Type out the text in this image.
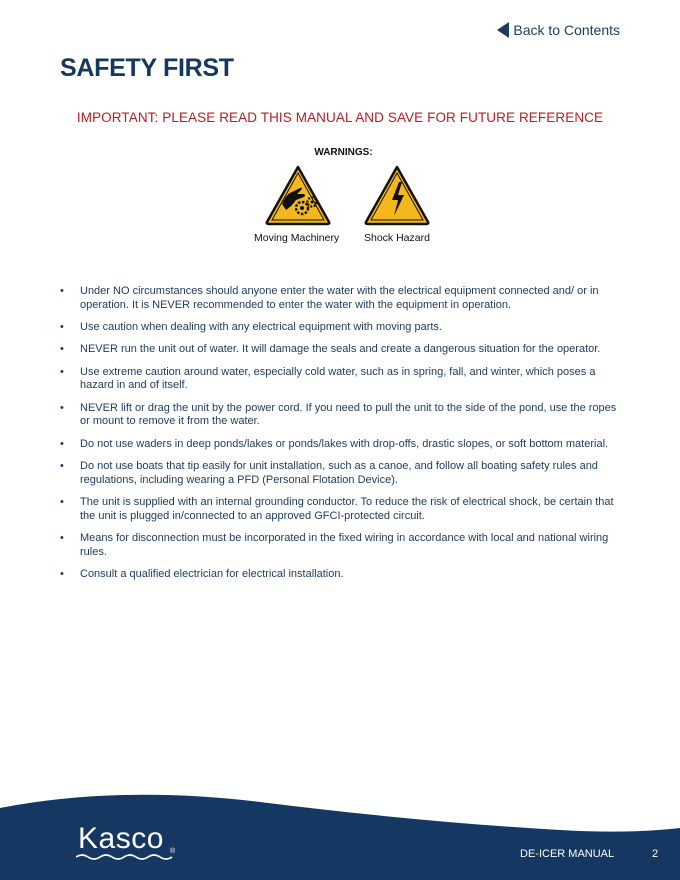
Back to Contents
SAFETY FIRST
IMPORTANT: PLEASE READ THIS MANUAL AND SAVE FOR FUTURE REFERENCE
WARNINGS:
Moving Machinery Shock Hazard
• Under NO circumstances should anyone enter the water with the electrical equipment connected and/ or in operation. It is NEVER recommended to enter the water with the equipment in operation.
• Use caution when dealing with any electrical equipment with moving parts.
• NEVER run the unit out of water. It will damage the seals and create a dangerous situation for the operator.
• Use extreme caution around water, especially cold water, such as in spring, fall, and winter, which poses a hazard in and of itself.
• NEVER lift or drag the unit by the power cord. If you need to pull the unit to the side of the pond, use the ropes or mount to remove it from the water.
• Do not use waders in deep ponds/lakes or ponds/lakes with drop-offs, drastic slopes, or soft bottom material.
• Do not use boats that tip easily for unit installation, such as a canoe, and follow all boating safety rules and regulations, including wearing a PFD (Personal Flotation Device).
• The unit is supplied with an internal grounding conductor. To reduce the risk of electrical shock, be certain that the unit is plugged in/connected to an approved GFCI-protected circuit.
• Means for disconnection must be incorporated in the fixed wiring in accordance with local and national wiring rules.
• Consult a qualified electrician for electrical installation.
Kasco ®	DE-ICER MANUAL	2
